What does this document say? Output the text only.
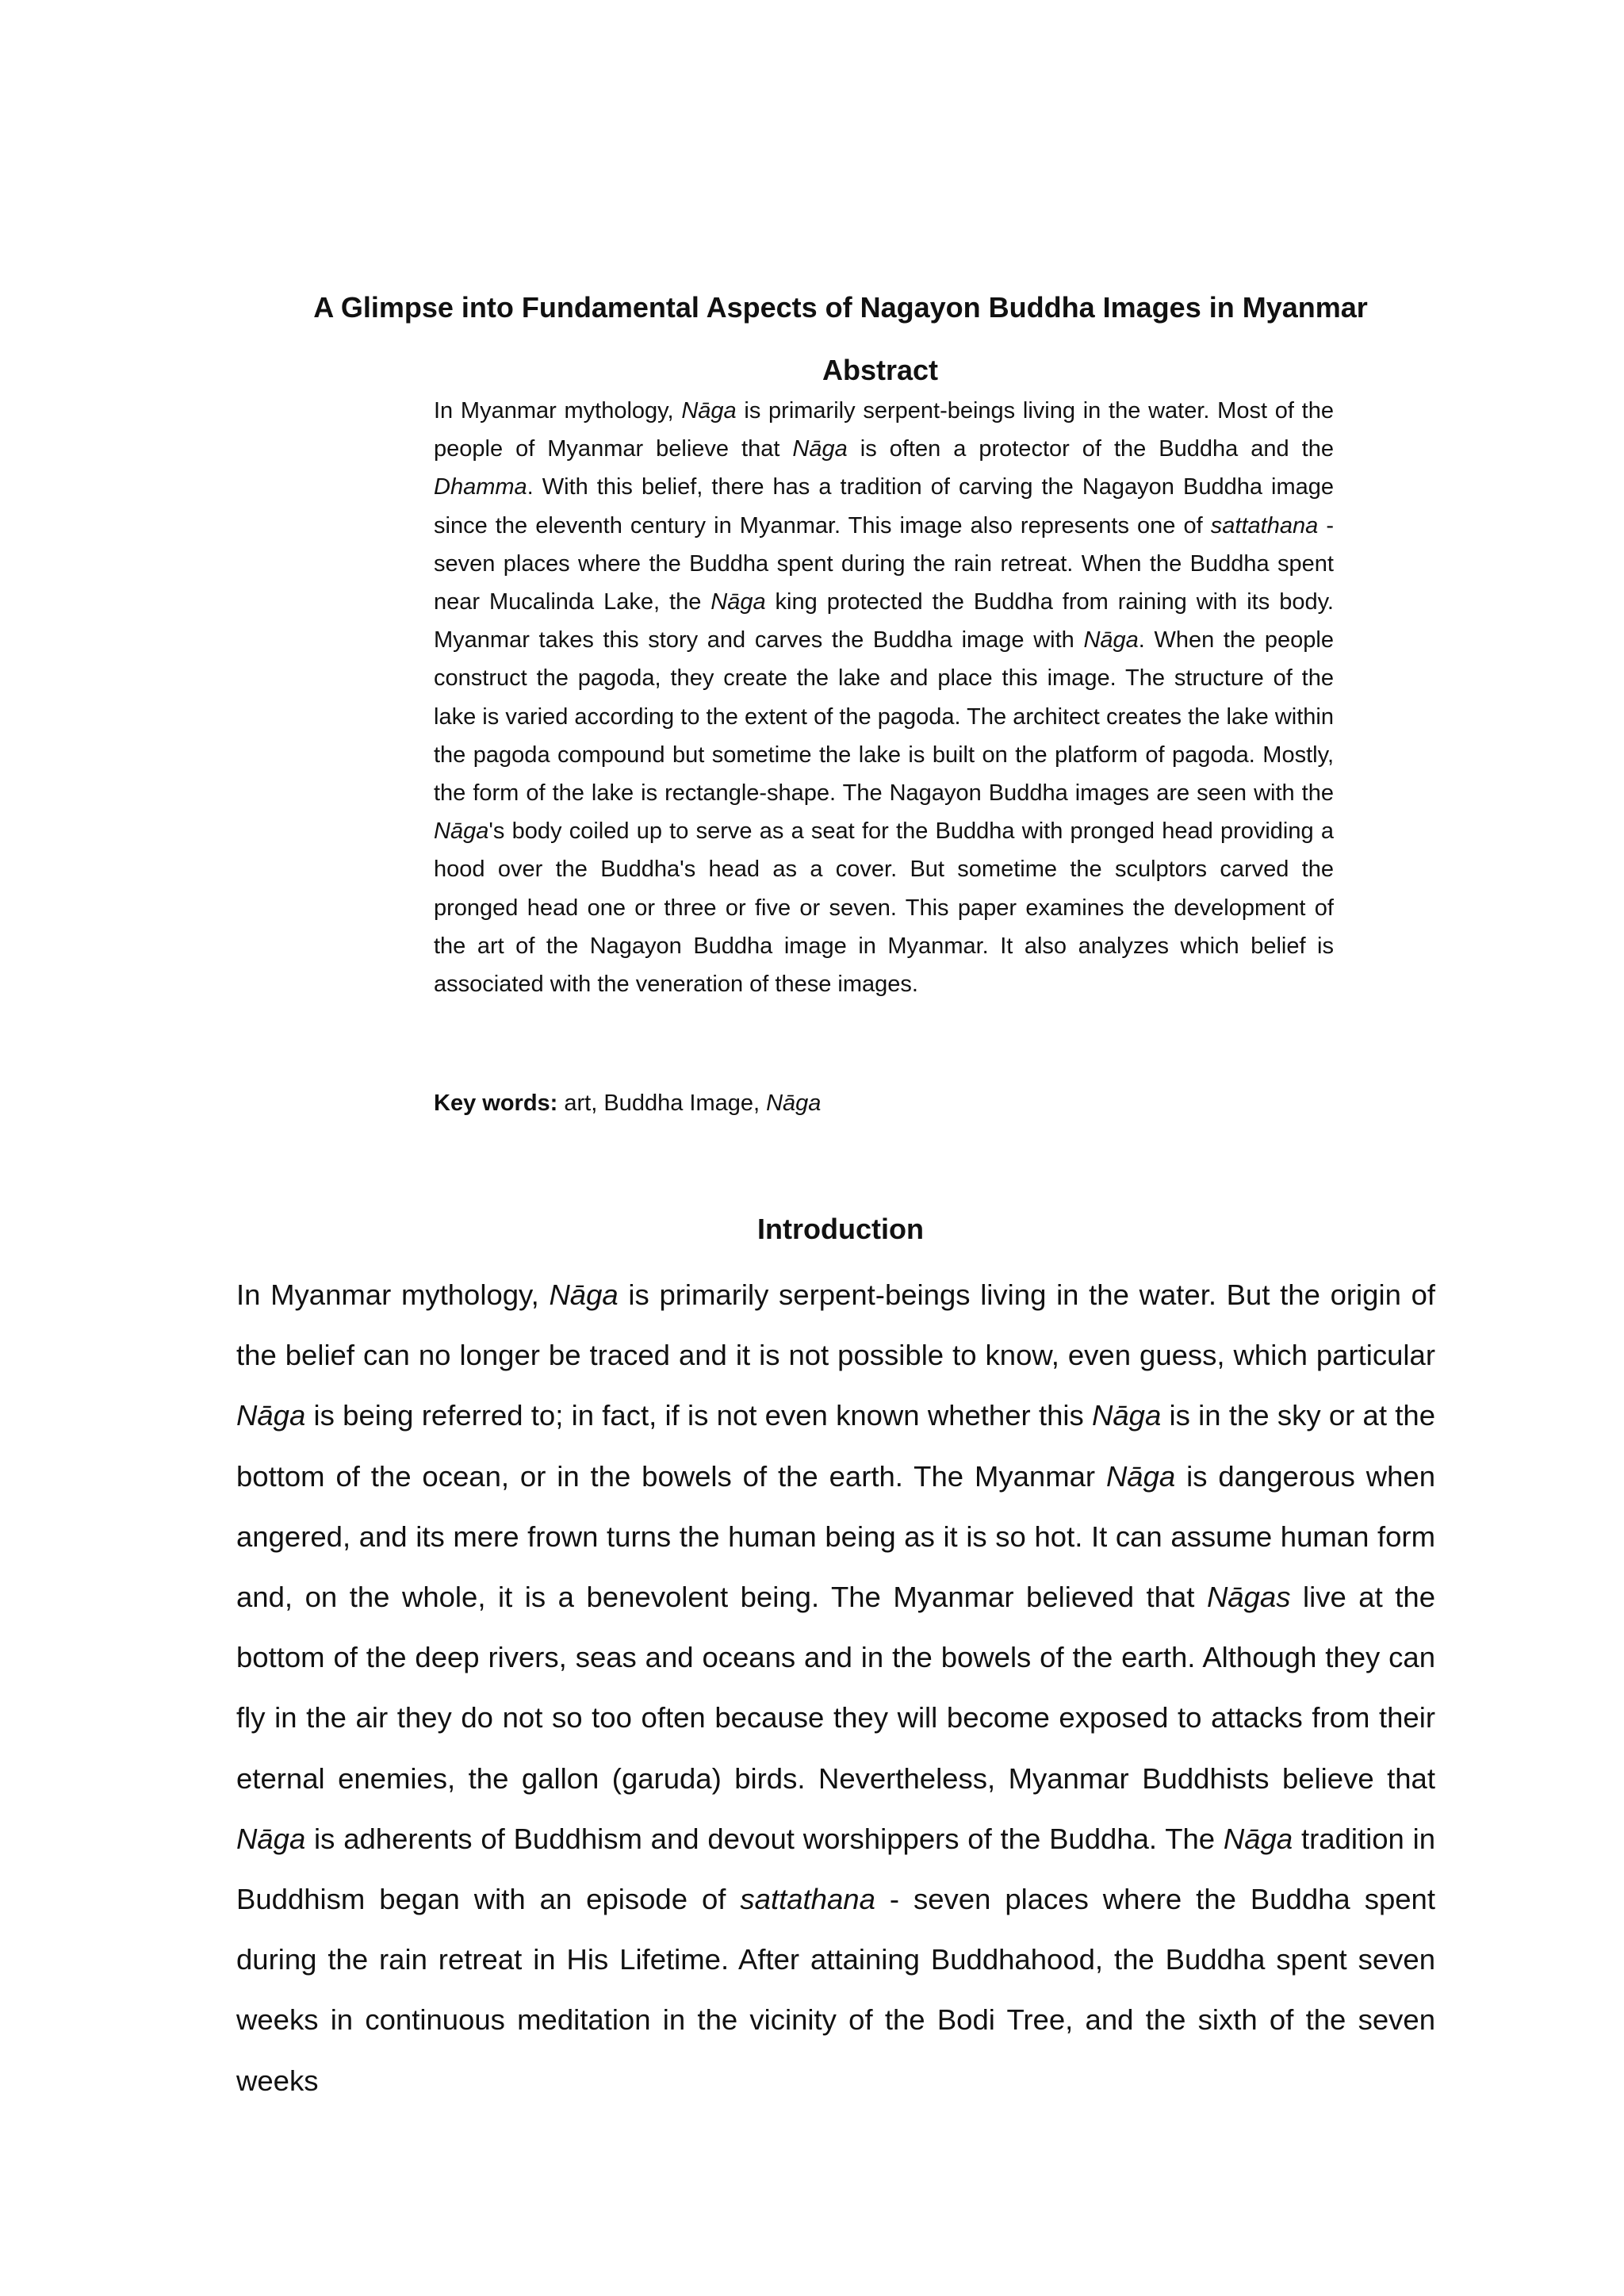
A Glimpse into Fundamental Aspects of Nagayon Buddha Images in Myanmar
Abstract

In Myanmar mythology, Nāga is primarily serpent-beings living in the water. Most of the people of Myanmar believe that Nāga is often a protector of the Buddha and the Dhamma. With this belief, there has a tradition of carving the Nagayon Buddha image since the eleventh century in Myanmar. This image also represents one of sattathana - seven places where the Buddha spent during the rain retreat. When the Buddha spent near Mucalinda Lake, the Nāga king protected the Buddha from raining with its body. Myanmar takes this story and carves the Buddha image with Nāga. When the people construct the pagoda, they create the lake and place this image. The structure of the lake is varied according to the extent of the pagoda. The architect creates the lake within the pagoda compound but sometime the lake is built on the platform of pagoda. Mostly, the form of the lake is rectangle-shape. The Nagayon Buddha images are seen with the Nāga's body coiled up to serve as a seat for the Buddha with pronged head providing a hood over the Buddha's head as a cover. But sometime the sculptors carved the pronged head one or three or five or seven. This paper examines the development of the art of the Nagayon Buddha image in Myanmar. It also analyzes which belief is associated with the veneration of these images.

Key words: art, Buddha Image, Nāga

Introduction

In Myanmar mythology, Nāga is primarily serpent-beings living in the water. But the origin of the belief can no longer be traced and it is not possible to know, even guess, which particular Nāga is being referred to; in fact, if is not even known whether this Nāga is in the sky or at the bottom of the ocean, or in the bowels of the earth. The Myanmar Nāga is dangerous when angered, and its mere frown turns the human being as it is so hot. It can assume human form and, on the whole, it is a benevolent being. The Myanmar believed that Nāgas live at the bottom of the deep rivers, seas and oceans and in the bowels of the earth. Although they can fly in the air they do not so too often because they will become exposed to attacks from their eternal enemies, the gallon (garuda) birds. Nevertheless, Myanmar Buddhists believe that Nāga is adherents of Buddhism and devout worshippers of the Buddha. The Nāga tradition in Buddhism began with an episode of sattathana - seven places where the Buddha spent during the rain retreat in His Lifetime. After attaining Buddhahood, the Buddha spent seven weeks in continuous meditation in the vicinity of the Bodi Tree, and the sixth of the seven weeks
